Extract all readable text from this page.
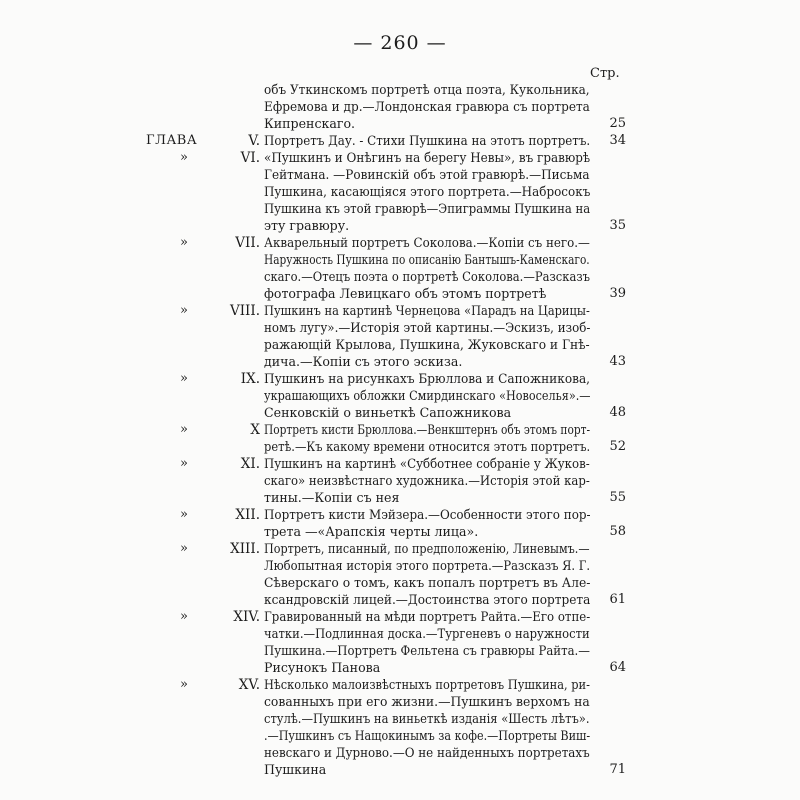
— 260 —
Стр.
объ Уткинскомъ портретѣ отца поэта, Кукольника,
Ефремова и др.—Лондонская гравюра съ портрета
Кипренскаго.	25
ГЛАВА	V. Портретъ Дау. - Стихи Пушкина на этотъ портретъ.	34
»	VI. «Пушкинъ и Онѣгинъ на берегу Невы», въ гравюрѣ
Гейтмана. —Ровинскій объ этой гравюрѣ.—Письма
Пушкина, касающіяся этого портрета.—Набросокъ
Пушкина къ этой гравюрѣ—Эпиграммы Пушкина на
эту гравюру.	35
»	VII. Акварельный портретъ Соколова.—Копіи съ него.—
Наружность Пушкина по описанію Бантышъ-Каменскаго.
скаго.—Отецъ поэта о портретѣ Соколова.—Разсказъ
фотографа Левицкаго объ этомъ портретѣ	39
»	VIII. Пушкинъ на картинѣ Чернецова «Парадъ на Царицы-
номъ лугу».—Исторія этой картины.—Эскизъ, изоб-
ражающій Крылова, Пушкина, Жуковскаго и Гнѣ-
дича.—Копіи съ этого эскиза.	43
»	IX. Пушкинъ на рисункахъ Брюллова и Сапожникова,
украшающихъ обложки Смирдинскаго «Новоселья».—
Сенковскій о виньеткѣ Сапожникова	48
»	X Портретъ кисти Брюллова.—Венкштернъ объ этомъ порт-
ретѣ.—Къ какому времени относится этотъ портретъ.	52
»	XI. Пушкинъ на картинѣ «Субботнее собраніе у Жуков-
скаго» неизвѣстнаго художника.—Исторія этой кар-
тины.—Копіи съ нея	55
»	XII. Портретъ кисти Мэйзера.—Особенности этого пор-
трета —«Арапскія черты лица».	58
»	XIII. Портретъ, писанный, по предположенію, Линевымъ.—
Любопытная исторія этого портрета.—Разсказъ Я. Г.
Сѣверскаго о томъ, какъ попалъ портретъ въ Але-
ксандровскій лицей.—Достоинства этого портрета	61
»	XIV. Гравированный на мѣди портретъ Райта.—Его отпе-
чатки.—Подлинная доска.—Тургеневъ о наружности
Пушкина.—Портретъ Фельтена съ гравюры Райта.—
Рисунокъ Панова	64
»	XV. Нѣсколько малоизвѣстныхъ портретовъ Пушкина, ри-
сованныхъ при его жизни.—Пушкинъ верхомъ на
стулѣ.—Пушкинъ на виньеткѣ изданія «Шесть лѣтъ».
.—Пушкинъ съ Нащокинымъ за кофе.—Портреты Виш-
невскаго и Дурново.—О не найденныхъ портретахъ
Пушкина	71
